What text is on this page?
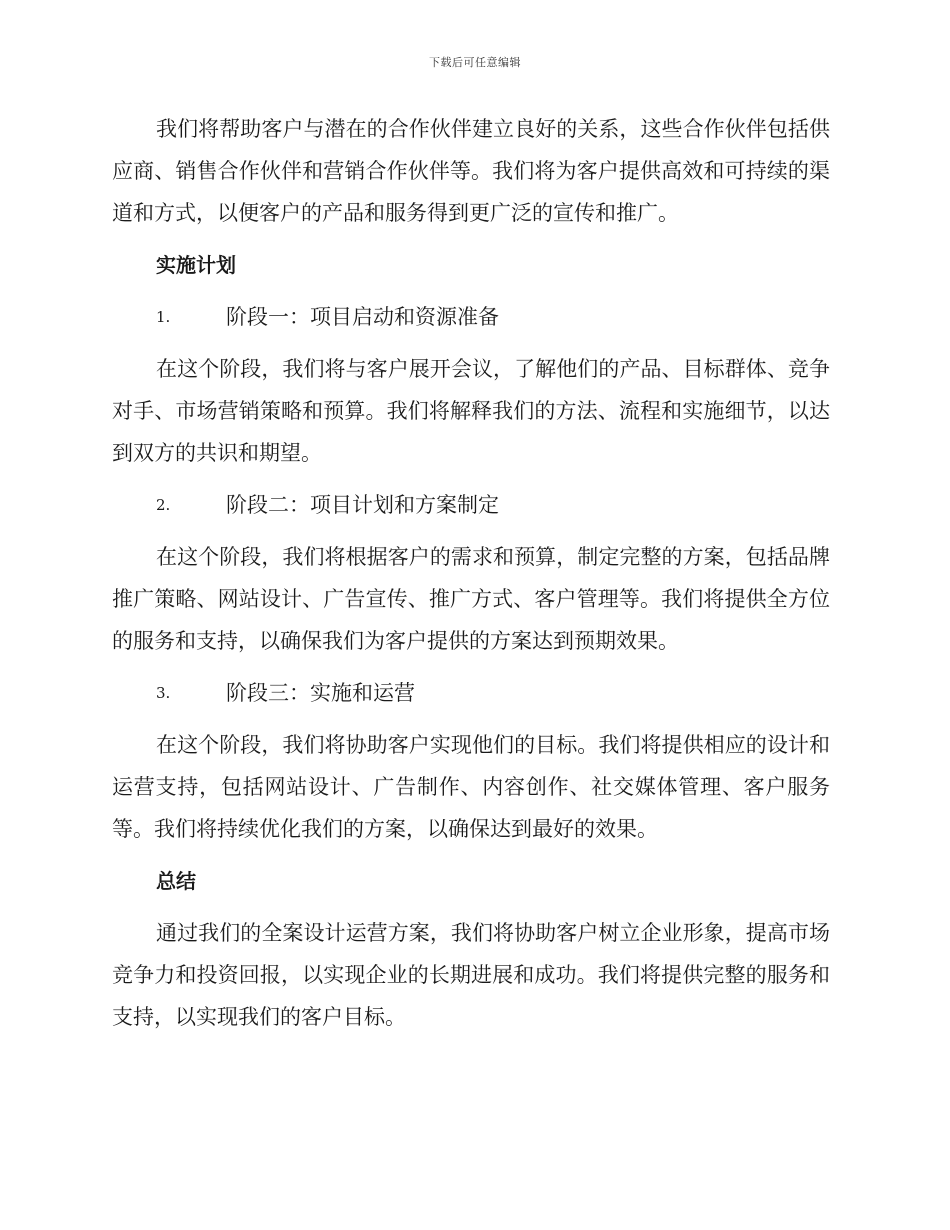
下载后可任意编辑

我们将帮助客户与潜在的合作伙伴建立良好的关系，这些合作伙伴包括供应商、销售合作伙伴和营销合作伙伴等。我们将为客户提供高效和可持续的渠道和方式，以便客户的产品和服务得到更广泛的宣传和推广。

实施计划
1.	阶段一：项目启动和资源准备

在这个阶段，我们将与客户展开会议，了解他们的产品、目标群体、竞争对手、市场营销策略和预算。我们将解释我们的方法、流程和实施细节，以达到双方的共识和期望。

2.	阶段二：项目计划和方案制定

在这个阶段，我们将根据客户的需求和预算，制定完整的方案，包括品牌推广策略、网站设计、广告宣传、推广方式、客户管理等。我们将提供全方位的服务和支持，以确保我们为客户提供的方案达到预期效果。

3.	阶段三：实施和运营

在这个阶段，我们将协助客户实现他们的目标。我们将提供相应的设计和运营支持，包括网站设计、广告制作、内容创作、社交媒体管理、客户服务等。我们将持续优化我们的方案，以确保达到最好的效果。

总结

通过我们的全案设计运营方案，我们将协助客户树立企业形象，提高市场竞争力和投资回报，以实现企业的长期进展和成功。我们将提供完整的服务和支持，以实现我们的客户目标。
